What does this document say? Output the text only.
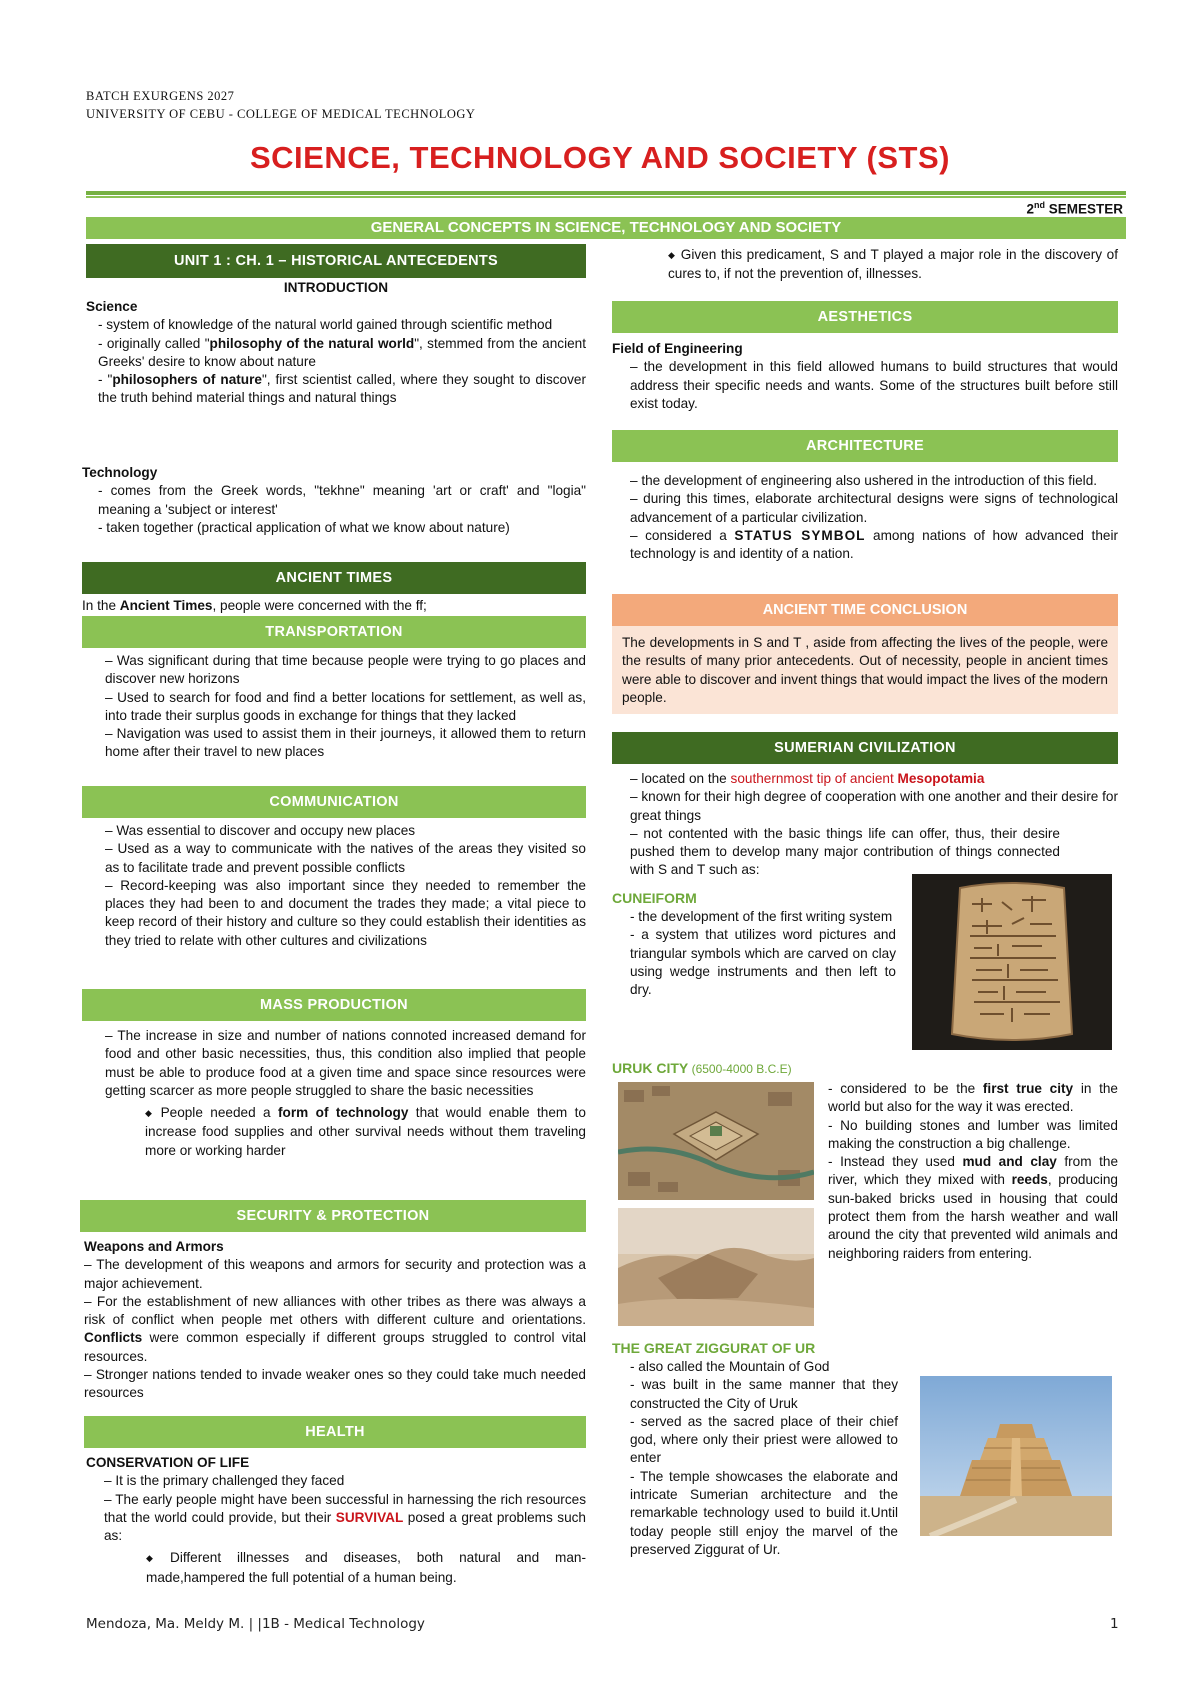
BATCH EXURGENS 2027
UNIVERSITY OF CEBU - COLLEGE OF MEDICAL TECHNOLOGY
SCIENCE, TECHNOLOGY AND SOCIETY (STS)
2nd SEMESTER
GENERAL CONCEPTS IN SCIENCE, TECHNOLOGY AND SOCIETY
UNIT 1 : CH. 1 – HISTORICAL ANTECEDENTS
INTRODUCTION

Science

- system of knowledge of the natural world gained through scientific method

- originally called "philosophy of the natural world", stemmed from the ancient Greeks' desire to know about nature

- "philosophers of nature", first scientist called, where they sought to discover the truth behind material things and natural things

Technology

- comes from the Greek words, "tekhne" meaning 'art or craft' and "logia" meaning a 'subject or interest'

- taken together (practical application of what we know about nature)

ANCIENT TIMES
In the Ancient Times, people were concerned with the ff;
TRANSPORTATION

– Was significant during that time because people were trying to go places and discover new horizons

– Used to search for food and find a better locations for settlement, as well as, into trade their surplus goods in exchange for things that they lacked

– Navigation was used to assist them in their journeys, it allowed them to return home after their travel to new places

COMMUNICATION

– Was essential to discover and occupy new places

– Used as a way to communicate with the natives of the areas they visited so as to facilitate trade and prevent possible conflicts

– Record-keeping was also important since they needed to remember the places they had been to and document the trades they made; a vital piece to keep record of their history and culture so they could establish their identities as they tried to relate with other cultures and civilizations

MASS PRODUCTION

– The increase in size and number of nations connoted increased demand for food and other basic necessities, thus, this condition also implied that people must be able to produce food at a given time and space since resources were getting scarcer as more people struggled to share the basic necessities

◆ People needed a form of technology that would enable them to increase food supplies and other survival needs without them traveling more or working harder

SECURITY & PROTECTION

Weapons and Armors

– The development of this weapons and armors for security and protection was a major achievement.

– For the establishment of new alliances with other tribes as there was always a risk of conflict when people met others with different culture and orientations. Conflicts were common especially if different groups struggled to control vital resources.

– Stronger nations tended to invade weaker ones so they could take much needed resources

HEALTH

CONSERVATION OF LIFE

– It is the primary challenged they faced

– The early people might have been successful in harnessing the rich resources that the world could provide, but their SURVIVAL posed a great problems such as:

◆ Different illnesses and diseases, both natural and man-made,hampered the full potential of a human being.

◆ Given this predicament, S and T played a major role in the discovery of cures to, if not the prevention of, illnesses.
AESTHETICS

Field of Engineering

– the development in this field allowed humans to build structures that would address their specific needs and wants. Some of the structures built before still exist today.

ARCHITECTURE

– the development of engineering also ushered in the introduction of this field.

– during this times, elaborate architectural designs were signs of technological advancement of a particular civilization.

– considered a STATUS SYMBOL among nations of how advanced their technology is and identity of a nation.

ANCIENT TIME CONCLUSION
The developments in S and T , aside from affecting the lives of the people, were the results of many prior antecedents. Out of necessity, people in ancient times were able to discover and invent things that would impact the lives of the modern people.
SUMERIAN CIVILIZATION

– located on the southernmost tip of ancient Mesopotamia

– known for their high degree of cooperation with one another and their desire for great things

– not contented with the basic things life can offer, thus, their desire pushed them to develop many major contribution of things connected with S and T such as:

CUNEIFORM

- the development of the first writing system

- a system that utilizes word pictures and triangular symbols which are carved on clay using wedge instruments and then left to dry.

URUK CITY (6500-4000 B.C.E)

- considered to be the first true city in the world but also for the way it was erected.

- No building stones and lumber was limited making the construction a big challenge.

- Instead they used mud and clay from the river, which they mixed with reeds, producing sun-baked bricks used in housing that could protect them from the harsh weather and wall around the city that prevented wild animals and neighboring raiders from entering.

THE GREAT ZIGGURAT OF UR

- also called the Mountain of God

- was built in the same manner that they constructed the City of Uruk

- served as the sacred place of their chief god, where only their priest were allowed to enter

- The temple showcases the elaborate and intricate Sumerian architecture and the remarkable technology used to build it.Until today people still enjoy the marvel of the preserved Ziggurat of Ur.

Mendoza, Ma. Meldy M. | |1B - Medical Technology	1
